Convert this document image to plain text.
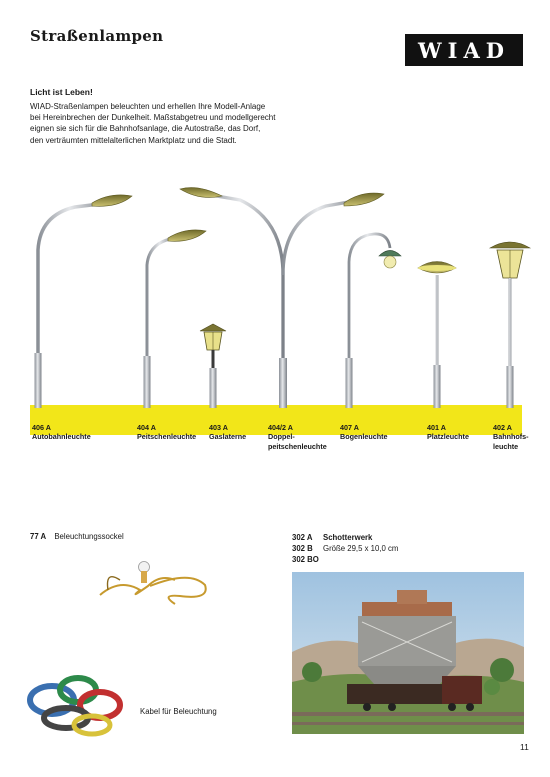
Straßenlampen
WIAD
Licht ist Leben!
WIAD-Straßenlampen beleuchten und erhellen Ihre Modell-Anlage
bei Hereinbrechen der Dunkelheit. Maßstabgetreu und modellgerecht
eignen sie sich für die Bahnhofsanlage, die Autostraße, das Dorf,
den verträumten mittelalterlichen Marktplatz und die Stadt.
406 A
Autobahnleuchte
404 A
Peitschenleuchte
403 A
Gaslaterne
404/2 A
Doppel-
peitschenleuchte
407 A
Bogenleuchte
401 A
Platzleuchte
402 A
Bahnhofs-
leuchte
77 A Beleuchtungssockel
Kabel für Beleuchtung
302 A
302 B
302 BO
Schotterwerk
Größe 29,5 x 10,0 cm
11
